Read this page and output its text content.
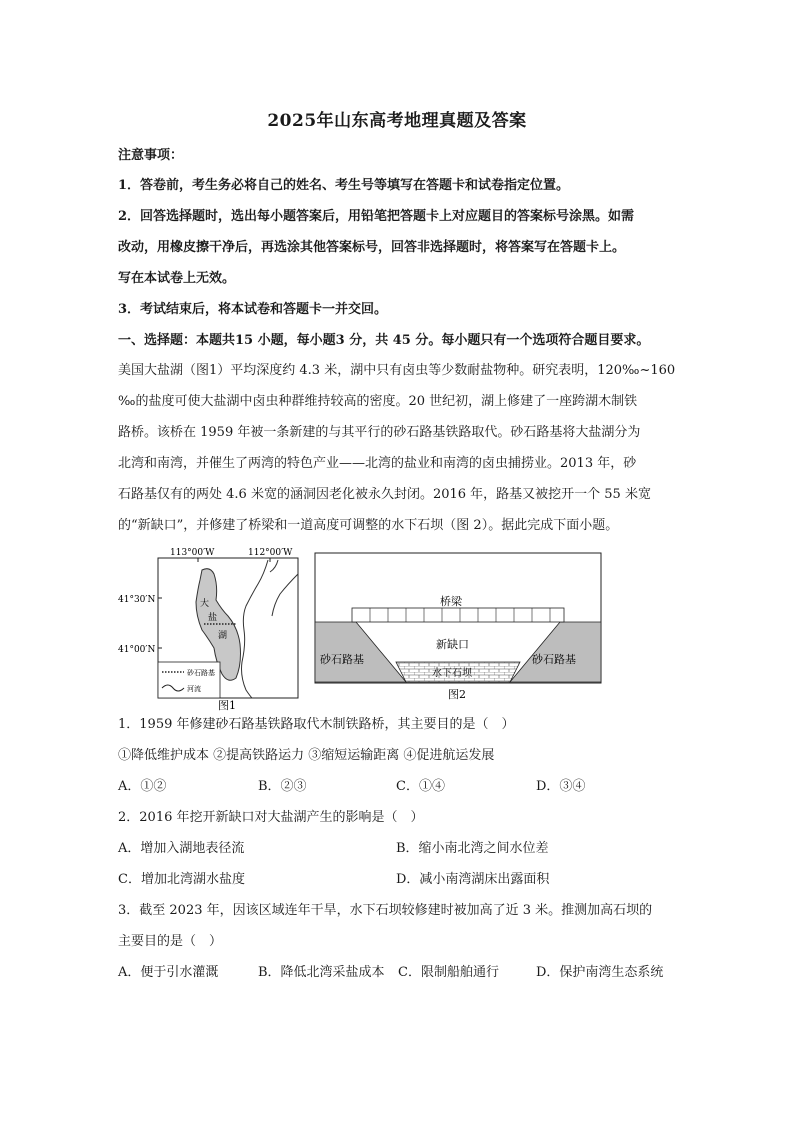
2025年山东高考地理真题及答案
注意事项：
1．答卷前，考生务必将自己的姓名、考生号等填写在答题卡和试卷指定位置。
2．回答选择题时，选出每小题答案后，用铅笔把答题卡上对应题目的答案标号涂黑。如需
改动，用橡皮擦干净后，再选涂其他答案标号，回答非选择题时，将答案写在答题卡上。
写在本试卷上无效。
3．考试结束后，将本试卷和答题卡一并交回。
一、选择题：本题共15 小题，每小题3 分，共 45 分。每小题只有一个选项符合题目要求。
美国大盐湖（图1）平均深度约 4.3 米，湖中只有卤虫等少数耐盐物种。研究表明，120‰~160
‰的盐度可使大盐湖中卤虫种群维持较高的密度。20 世纪初，湖上修建了一座跨湖木制铁
路桥。该桥在 1959 年被一条新建的与其平行的砂石路基铁路取代。砂石路基将大盐湖分为
北湾和南湾，并催生了两湾的特色产业——北湾的盐业和南湾的卤虫捕捞业。2013 年，砂
石路基仅有的两处 4.6 米宽的涵洞因老化被永久封闭。2016 年，路基又被挖开一个 55 米宽
的“新缺口”，并修建了桥梁和一道高度可调整的水下石坝（图 2）。据此完成下面小题。
113°00′W	112°00′W
41°30′N
41°00′N
大
盐
湖
砂石路基
河流
图1
桥梁
新缺口
砂石路基	砂石路基
水下石坝
图2
1．1959 年修建砂石路基铁路取代木制铁路桥，其主要目的是（　）
①降低维护成本 ②提高铁路运力 ③缩短运输距离 ④促进航运发展
A．①②	B．②③	C．①④	D．③④
2．2016 年挖开新缺口对大盐湖产生的影响是（　）
A．增加入湖地表径流	B．缩小南北湾之间水位差
C．增加北湾湖水盐度	D．减小南湾湖床出露面积
3．截至 2023 年，因该区域连年干旱，水下石坝较修建时被加高了近 3 米。推测加高石坝的
主要目的是（　）
A．便于引水灌溉	B．降低北湾采盐成本 C．限制船舶通行	D．保护南湾生态系统
